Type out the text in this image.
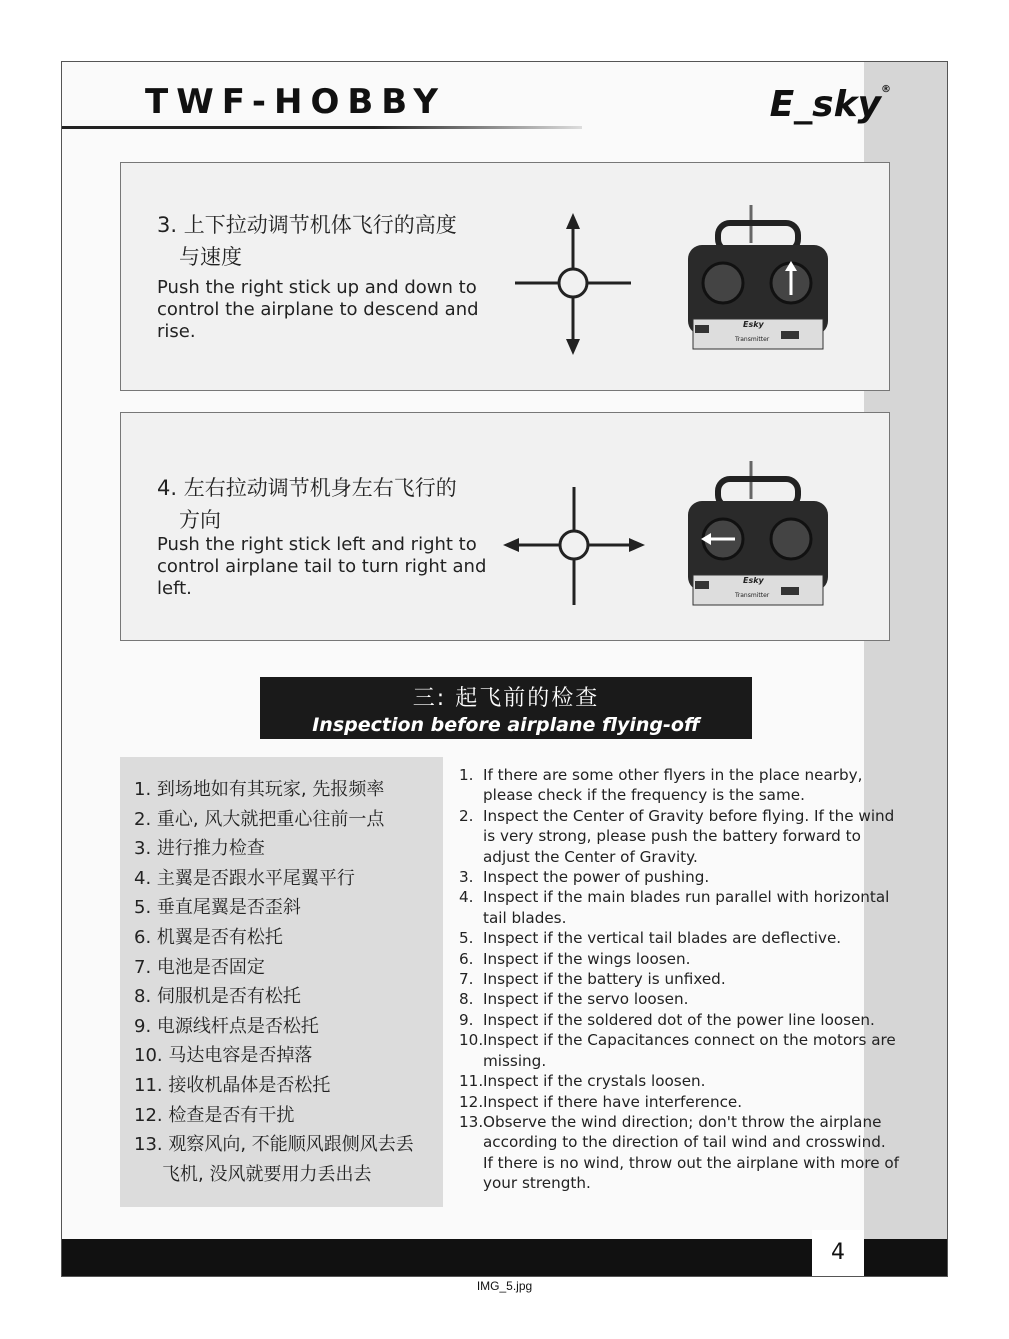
TWF-HOBBY	E_sky®
3. 上下拉动调节机体飞行的高度
与速度
Push the right stick up and down to control the airplane to descend and rise.	Esky
Transmitter
4. 左右拉动调节机身左右飞行的
方向
Push the right stick left and right to control airplane tail to turn right and left.	Esky
Transmitter
三: 起飞前的检查
Inspection before airplane flying-off
1. 到场地如有其玩家, 先报频率
2. 重心, 风大就把重心往前一点
3. 进行推力检查
4. 主翼是否跟水平尾翼平行
5. 垂直尾翼是否歪斜
6. 机翼是否有松托
7. 电池是否固定
8. 伺服机是否有松托
9. 电源线杆点是否松托
10. 马达电容是否掉落
11. 接收机晶体是否松托
12. 检查是否有干扰
13. 观察风向, 不能顺风跟侧风去丢
飞机, 没风就要用力丢出去
1. If there are some other flyers in the place nearby, please check if the frequency is the same.
2. Inspect the Center of Gravity before flying. If the wind is very strong, please push the battery forward to adjust the Center of Gravity.
3. Inspect the power of pushing.
4. Inspect if the main blades run parallel with horizontal tail blades.
5. Inspect if the vertical tail blades are deflective.
6. Inspect if the wings loosen.
7. Inspect if the battery is unfixed.
8. Inspect if the servo loosen.
9. Inspect if the soldered dot of the power line loosen.
10. Inspect if the Capacitances connect on the motors are missing.
11. Inspect if the crystals loosen.
12. Inspect if there have interference.
13. Observe the wind direction; don't throw the airplane according to the direction of tail wind and crosswind. If there is no wind, throw out the airplane with more of your strength.
4
IMG_5.jpg
